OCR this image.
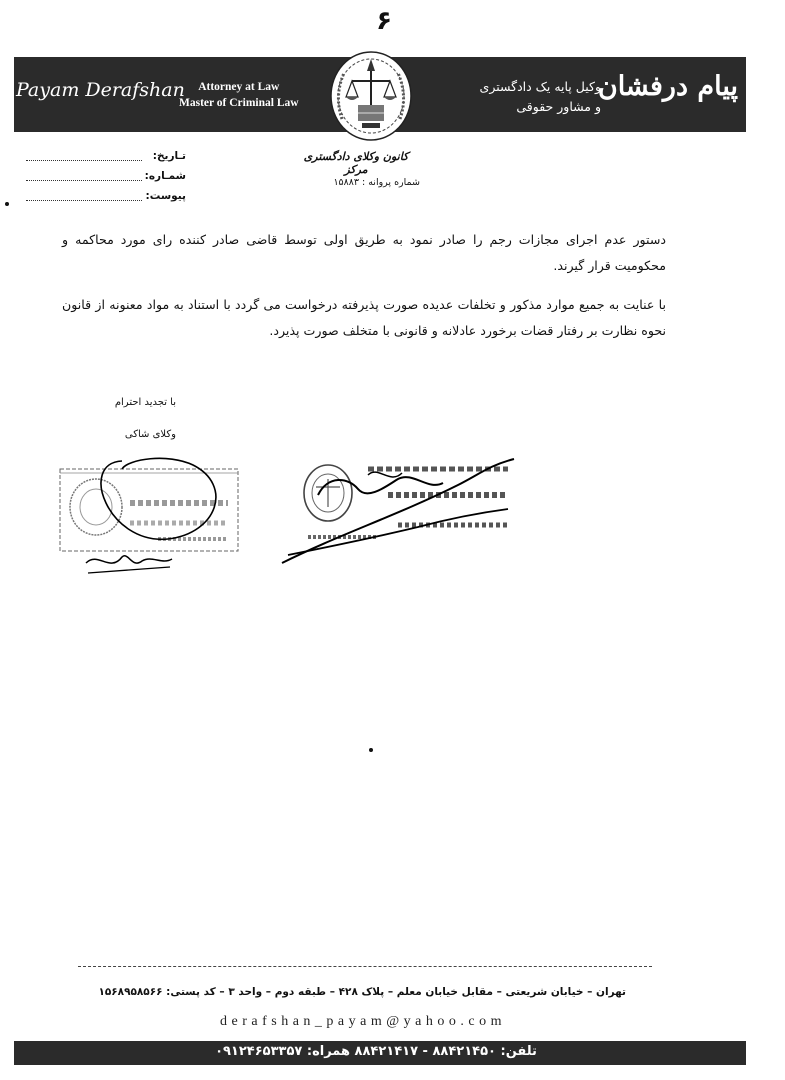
۶
Payam Derafshan	Attorney at Law
Master of Criminal Law
وکیل پایه یک دادگستری
و مشاور حقوقی
پیام درفشان
تـاریخ:
شمـاره:
پیوست:
کانون وکلای دادگستری مرکز
شماره پروانه : ۱۵۸۸۳

دستور عدم اجرای مجازات رجم را صادر نمود به طریق اولی توسط قاضی صادر کننده رای مورد محاکمه و محکومیت قرار گیرند.

با عنایت به جمیع موارد مذکور و تخلفات عدیده صورت پذیرفته درخواست می گردد با استناد به مواد معنونه از قانون نحوه نظارت بر رفتار قضات برخورد عادلانه و قانونی با متخلف صورت پذیرد.

با تجدید احترام
وکلای شاکی
تهران – خیابان شریعتی – مقابل خیابان معلم – پلاک ۴۲۸ – طبقه دوم – واحد ۳ – کد پستی: ۱۵۶۸۹۵۸۵۶۶
derafshan_payam@yahoo.com
تلفن: ۸۸۴۲۱۴۵۰ - ۸۸۴۲۱۴۱۷ همراه: ۰۹۱۲۴۶۵۳۳۵۷
